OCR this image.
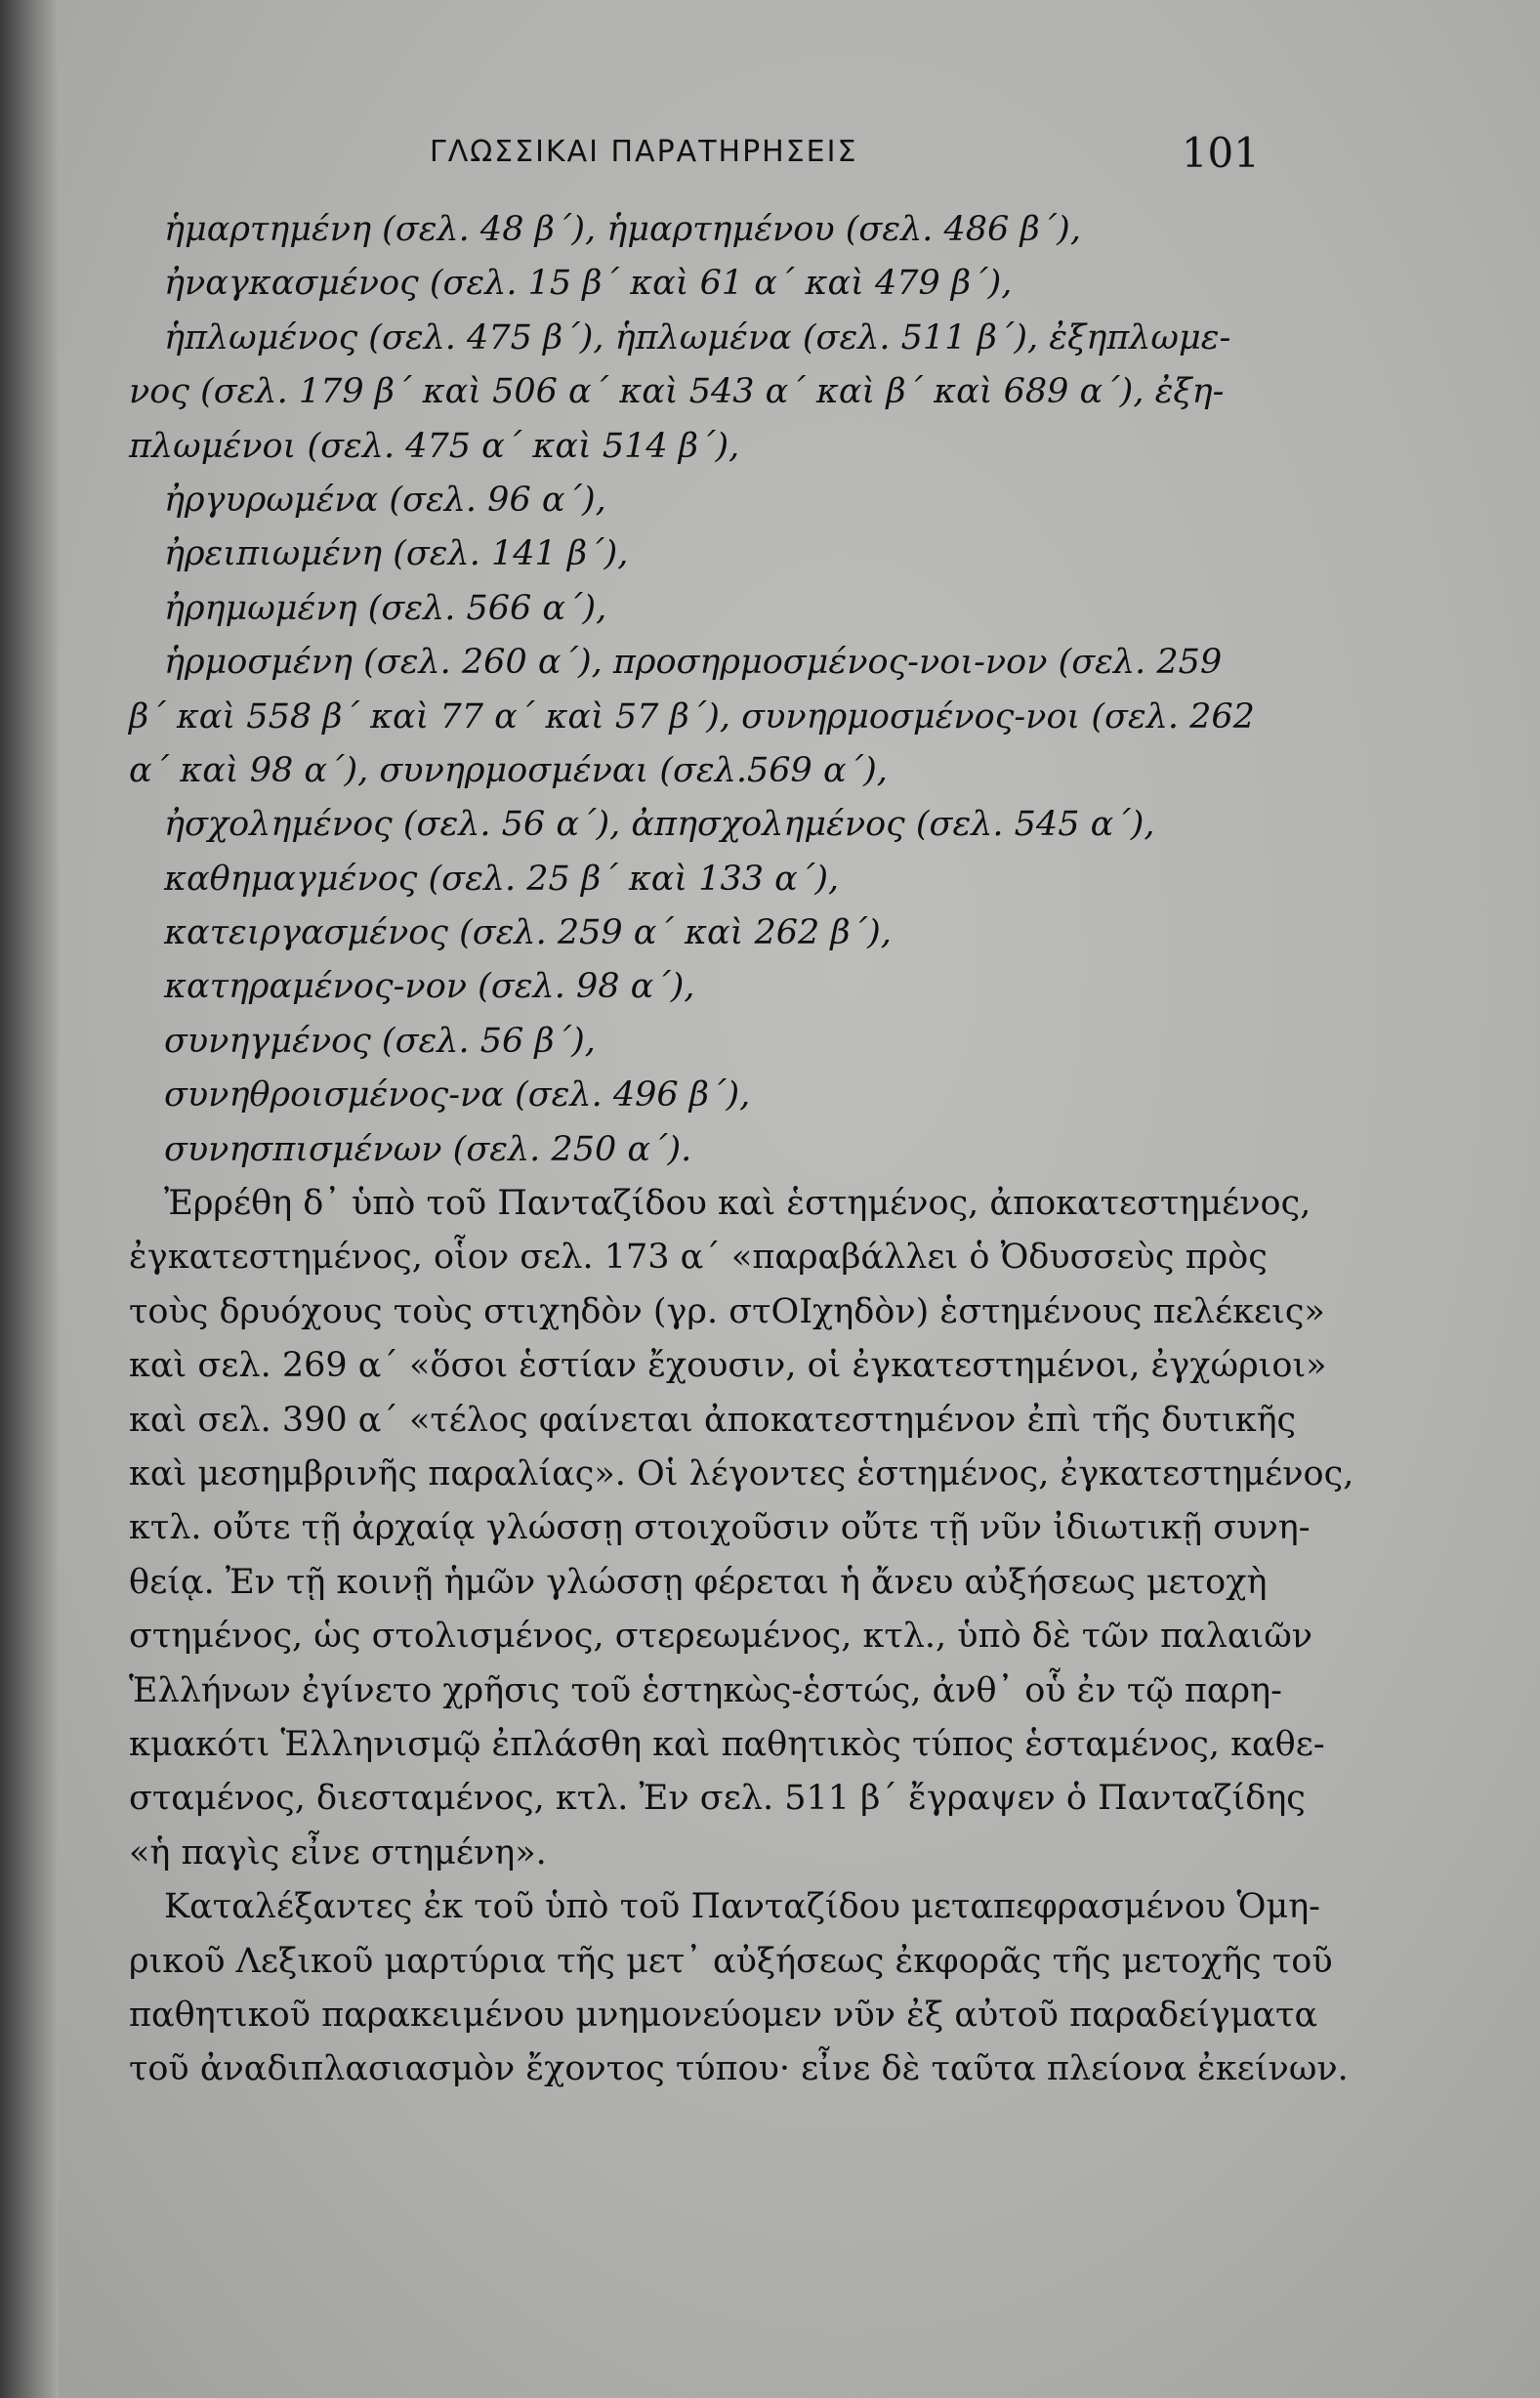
ΓΛΩΣΣΙΚΑΙ ΠΑΡΑΤΗΡΗΣΕΙΣ	101
ἡμαρτημένη (σελ. 48 β΄), ἡμαρτημένου (σελ. 486 β΄),
ἠναγκασμένος (σελ. 15 β΄ καὶ 61 α΄ καὶ 479 β΄),
ἡπλωμένος (σελ. 475 β΄), ἡπλωμένα (σελ. 511 β΄), ἐξηπλωμε-
νος (σελ. 179 β΄ καὶ 506 α΄ καὶ 543 α΄ καὶ β΄ καὶ 689 α΄), ἐξη-
πλωμένοι (σελ. 475 α΄ καὶ 514 β΄),
ἠργυρωμένα (σελ. 96 α΄),
ἠρειπιωμένη (σελ. 141 β΄),
ἠρημωμένη (σελ. 566 α΄),
ἡρμοσμένη (σελ. 260 α΄), προσηρμοσμένος-νοι-νον (σελ. 259
β΄ καὶ 558 β΄ καὶ 77 α΄ καὶ 57 β΄), συνηρμοσμένος-νοι (σελ. 262
α΄ καὶ 98 α΄), συνηρμοσμέναι (σελ.569 α΄),
ἠσχολημένος (σελ. 56 α΄), ἀπησχολημένος (σελ. 545 α΄),
καθημαγμένος (σελ. 25 β΄ καὶ 133 α΄),
κατειργασμένος (σελ. 259 α΄ καὶ 262 β΄),
κατηραμένος-νον (σελ. 98 α΄),
συνηγμένος (σελ. 56 β΄),
συνηθροισμένος-να (σελ. 496 β΄),
συνησπισμένων (σελ. 250 α΄).
Ἐρρέθη δ᾽ ὑπὸ τοῦ Πανταζίδου καὶ ἑστημένος, ἀποκατεστημένος,
ἐγκατεστημένος, οἷον σελ. 173 α΄ «παραβάλλει ὁ Ὀδυσσεὺς πρὸς
τοὺς δρυόχους τοὺς στιχηδὸν (γρ. στΟΙχηδὸν) ἑστημένους πελέκεις»
καὶ σελ. 269 α΄ «ὅσοι ἑστίαν ἔχουσιν, οἱ ἐγκατεστημένοι, ἐγχώριοι»
καὶ σελ. 390 α΄ «τέλος φαίνεται ἀποκατεστημένον ἐπὶ τῆς δυτικῆς
καὶ μεσημβρινῆς παραλίας». Οἱ λέγοντες ἑστημένος, ἐγκατεστημένος,
κτλ. οὔτε τῇ ἀρχαίᾳ γλώσσῃ στοιχοῦσιν οὔτε τῇ νῦν ἰδιωτικῇ συνη-
θείᾳ. Ἐν τῇ κοινῇ ἡμῶν γλώσσῃ φέρεται ἡ ἄνευ αὐξήσεως μετοχὴ
στημένος, ὡς στολισμένος, στερεωμένος, κτλ., ὑπὸ δὲ τῶν παλαιῶν
Ἑλλήνων ἐγίνετο χρῆσις τοῦ ἑστηκὼς-ἑστώς, ἀνθ᾽ οὗ ἐν τῷ παρη-
κμακότι Ἑλληνισμῷ ἐπλάσθη καὶ παθητικὸς τύπος ἑσταμένος, καθε-
σταμένος, διεσταμένος, κτλ. Ἐν σελ. 511 β΄ ἔγραψεν ὁ Πανταζίδης
«ἡ παγὶς εἶνε στημένη».
Καταλέξαντες ἐκ τοῦ ὑπὸ τοῦ Πανταζίδου μεταπεφρασμένου Ὁμη-
ρικοῦ Λεξικοῦ μαρτύρια τῆς μετ᾽ αὐξήσεως ἐκφορᾶς τῆς μετοχῆς τοῦ
παθητικοῦ παρακειμένου μνημονεύομεν νῦν ἐξ αὐτοῦ παραδείγματα
τοῦ ἀναδιπλασιασμὸν ἔχοντος τύπου· εἶνε δὲ ταῦτα πλείονα ἐκείνων.
